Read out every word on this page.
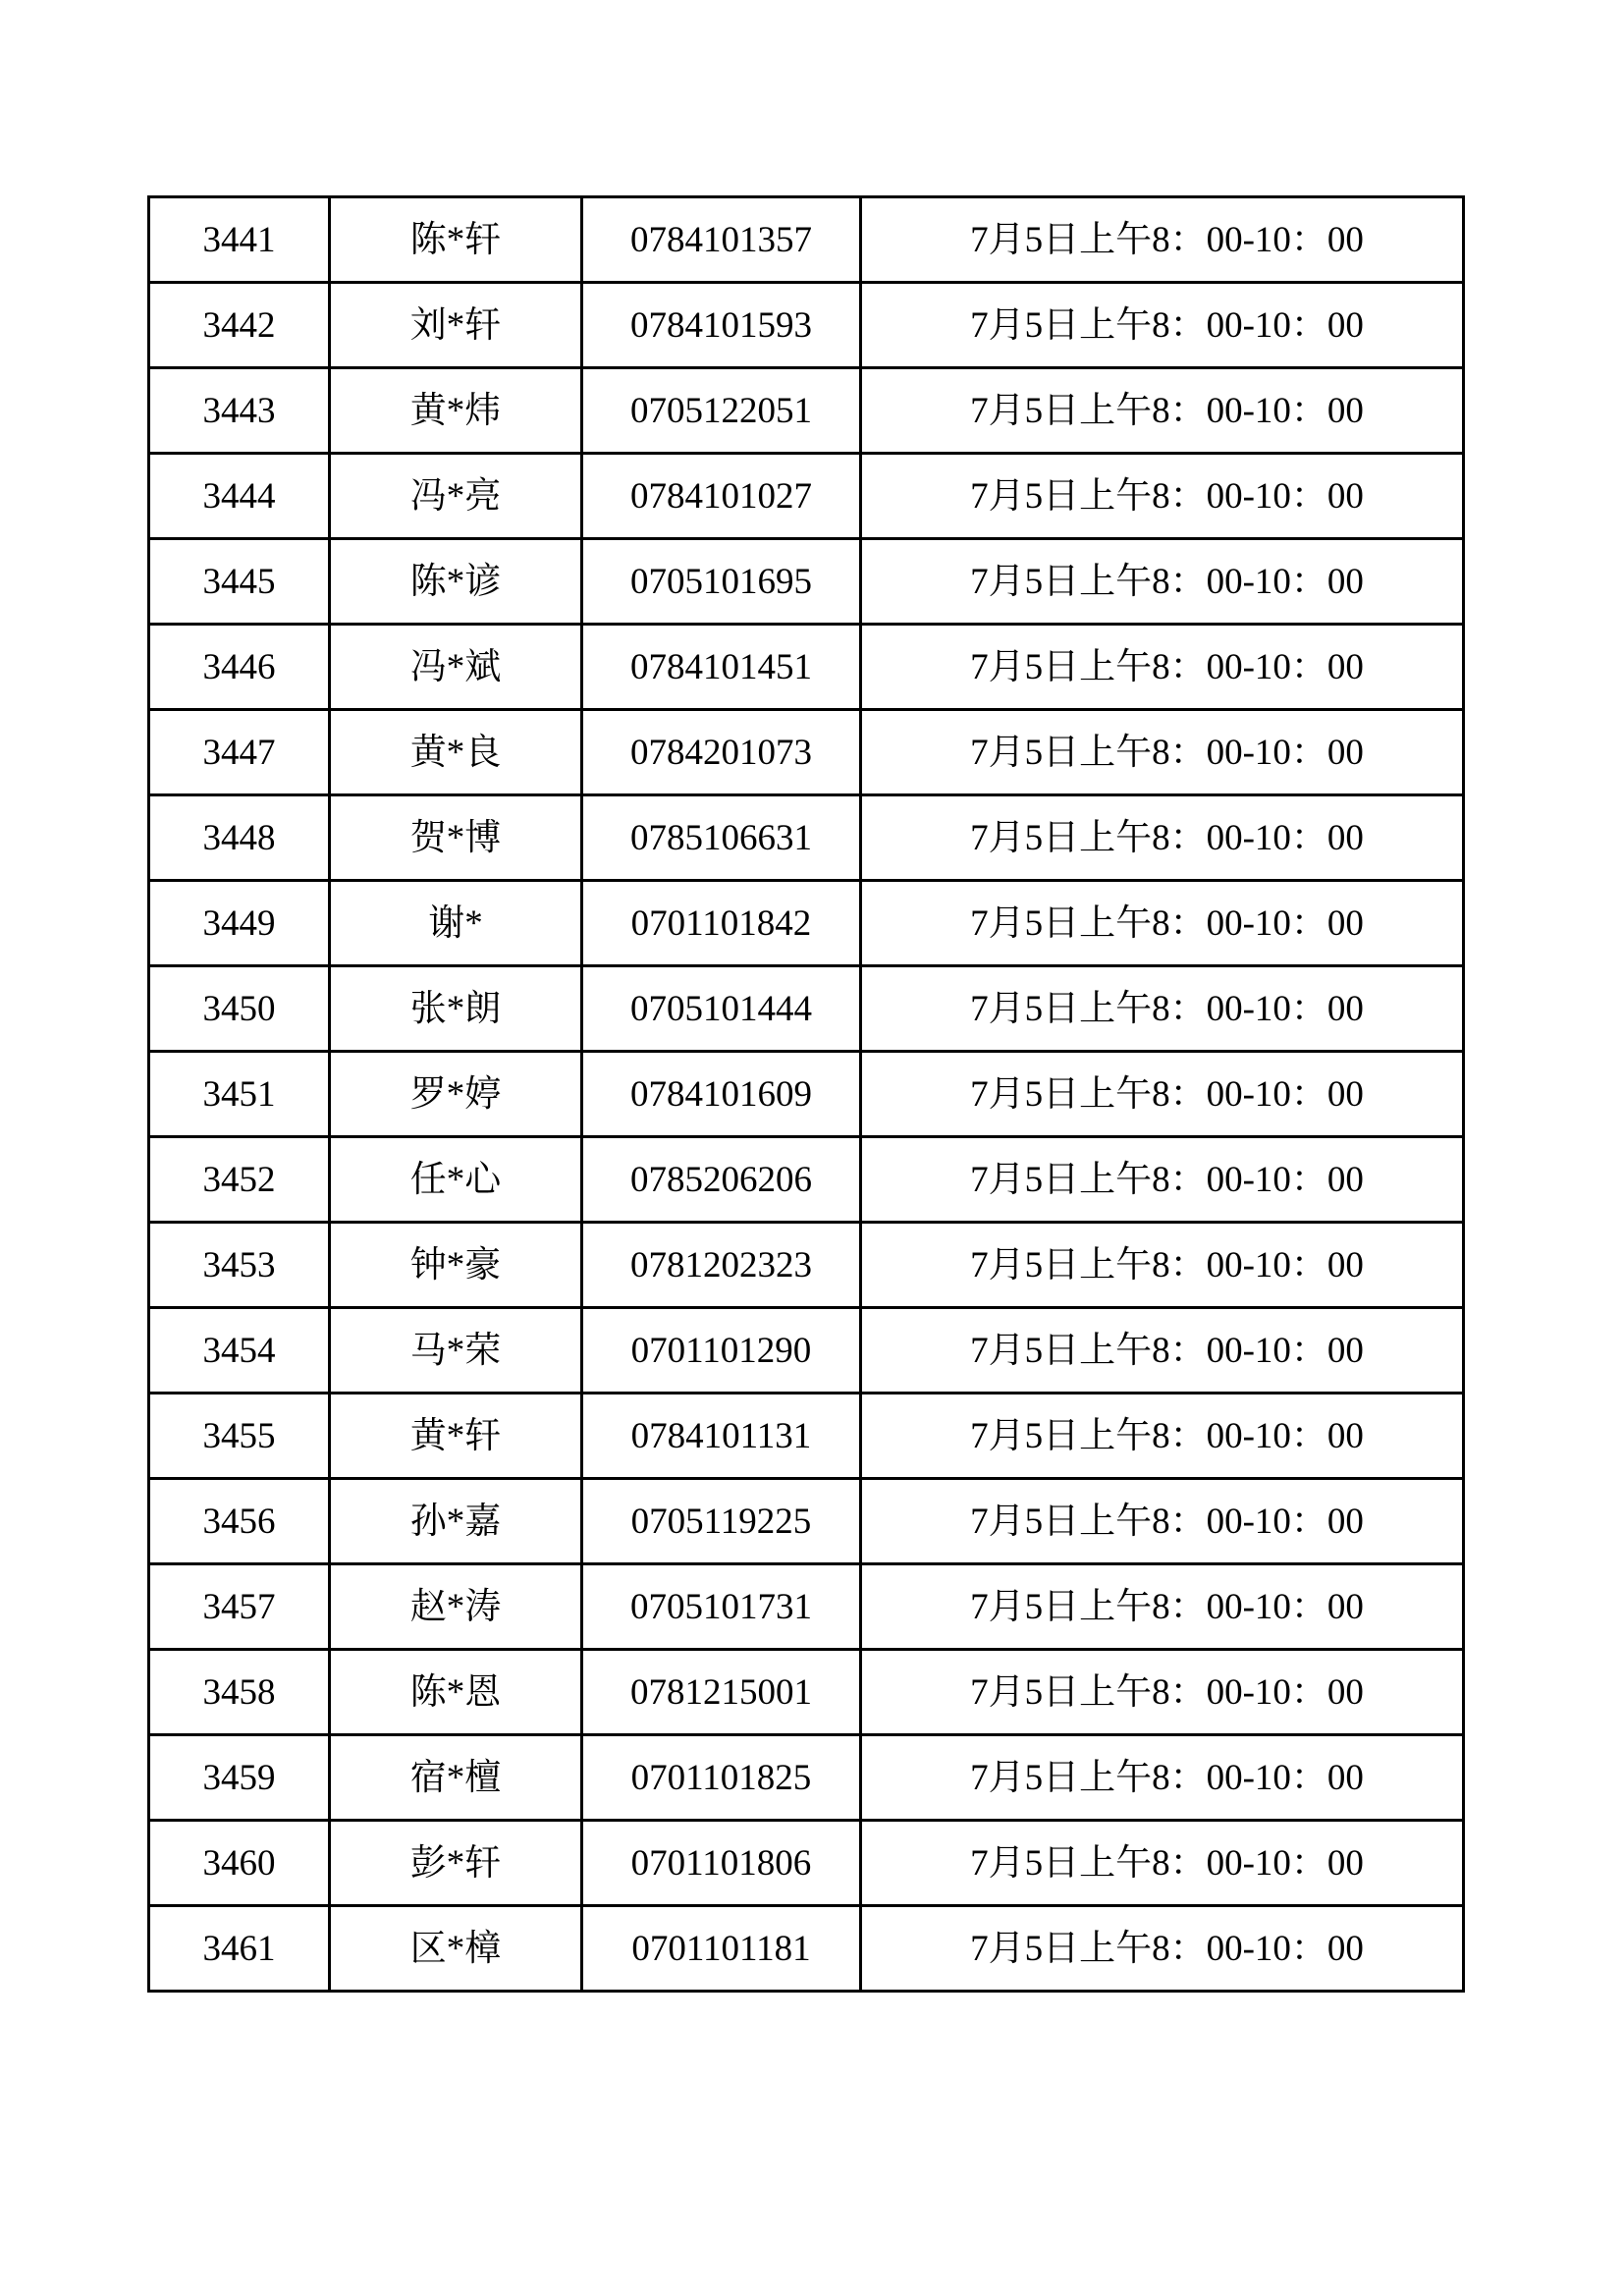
3441	陈*轩	0784101357	7月5日上午8：00-10：00
3442	刘*轩	0784101593	7月5日上午8：00-10：00
3443	黄*炜	0705122051	7月5日上午8：00-10：00
3444	冯*亮	0784101027	7月5日上午8：00-10：00
3445	陈*谚	0705101695	7月5日上午8：00-10：00
3446	冯*斌	0784101451	7月5日上午8：00-10：00
3447	黄*良	0784201073	7月5日上午8：00-10：00
3448	贺*博	0785106631	7月5日上午8：00-10：00
3449	谢*	0701101842	7月5日上午8：00-10：00
3450	张*朗	0705101444	7月5日上午8：00-10：00
3451	罗*婷	0784101609	7月5日上午8：00-10：00
3452	任*心	0785206206	7月5日上午8：00-10：00
3453	钟*豪	0781202323	7月5日上午8：00-10：00
3454	马*荣	0701101290	7月5日上午8：00-10：00
3455	黄*轩	0784101131	7月5日上午8：00-10：00
3456	孙*嘉	0705119225	7月5日上午8：00-10：00
3457	赵*涛	0705101731	7月5日上午8：00-10：00
3458	陈*恩	0781215001	7月5日上午8：00-10：00
3459	宿*檀	0701101825	7月5日上午8：00-10：00
3460	彭*轩	0701101806	7月5日上午8：00-10：00
3461	区*樟	0701101181	7月5日上午8：00-10：00
